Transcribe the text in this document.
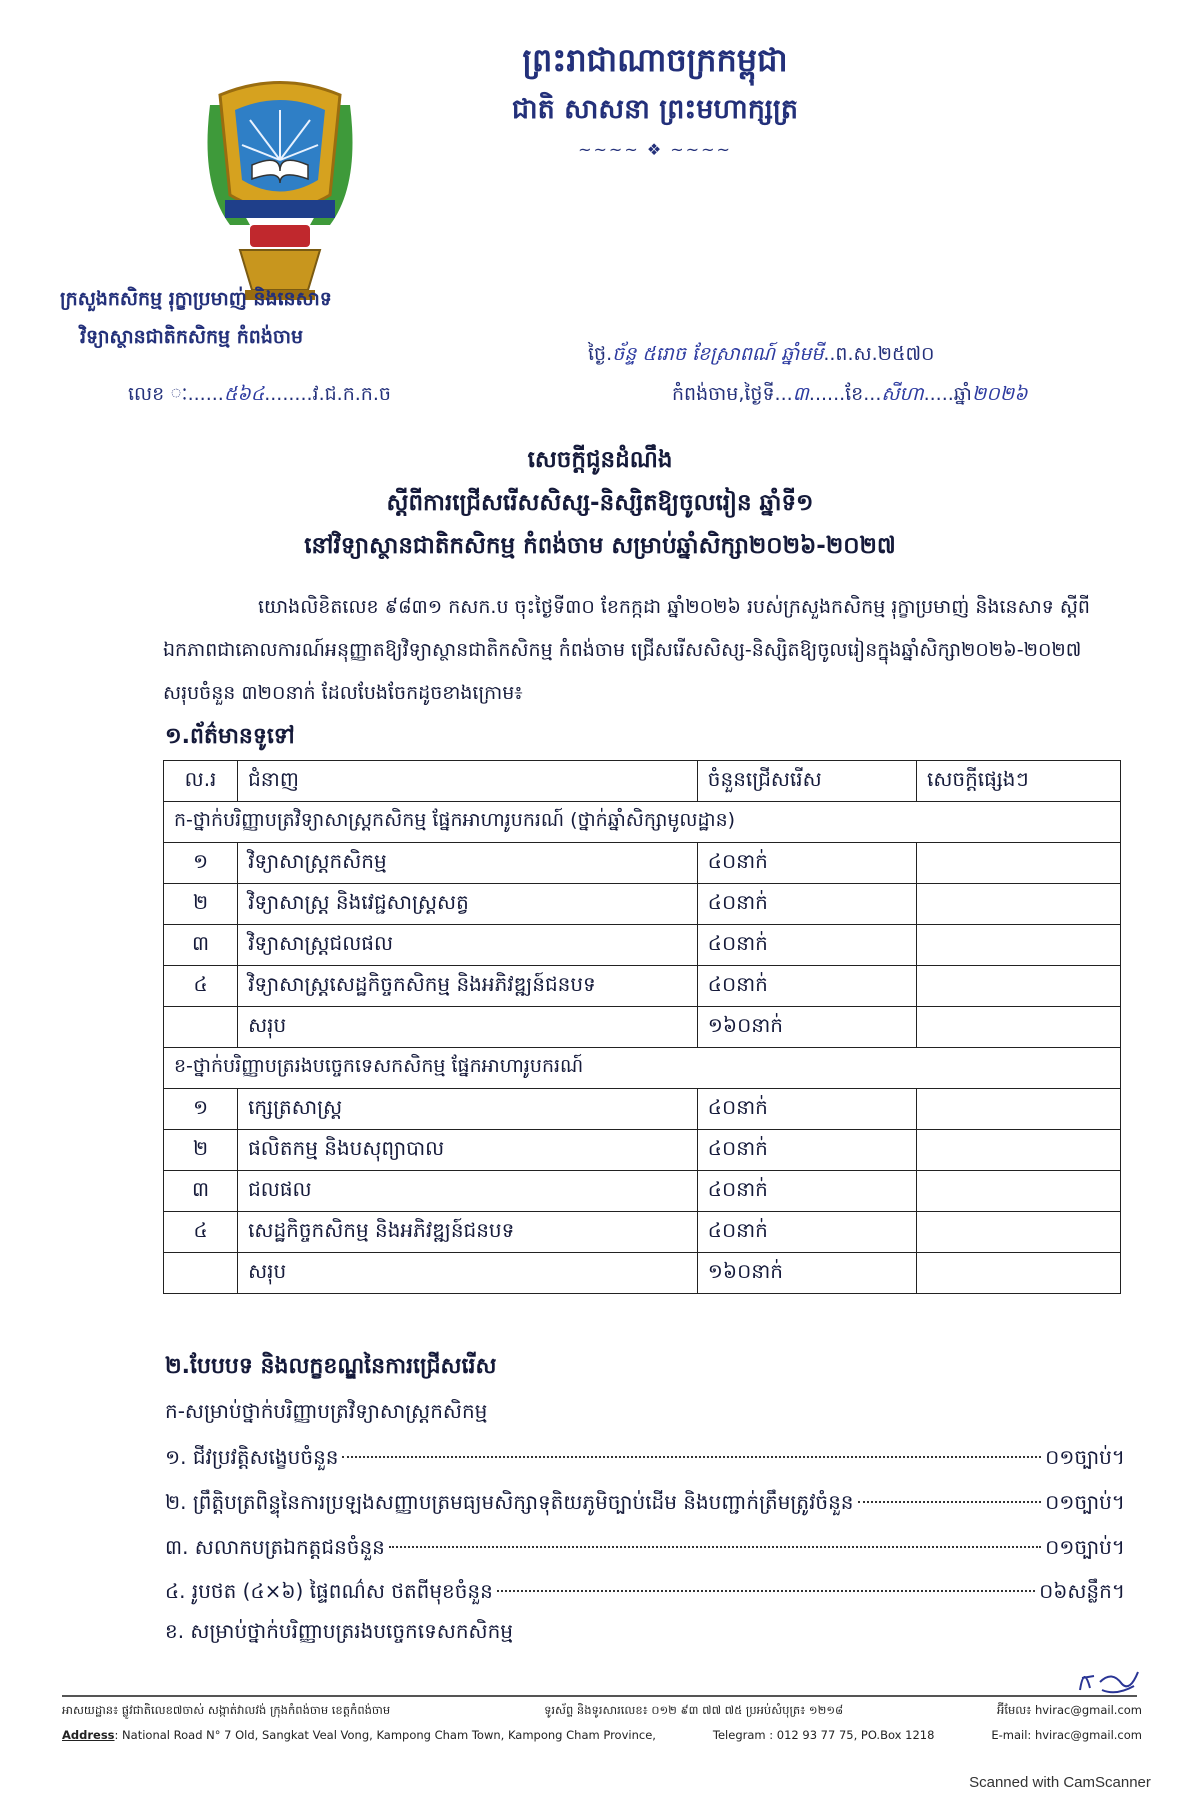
ព្រះរាជាណាចក្រកម្ពុជា
ជាតិ សាសនា ព្រះមហាក្សត្រ
~~~~ ❖ ~~~~
ក្រសួងកសិកម្ម រុក្ខាប្រមាញ់ និងនេសាទ
វិទ្យាស្ថានជាតិកសិកម្ម កំពង់ចាម
លេខ ៈ......៥៦៤........វ.ជ.ក.ក.ច
ថ្ងៃ.ច័ន្ទ ៥រោច ខែស្រាពណ៍ ឆ្នាំមមី..ព.ស.២៥៧០
កំពង់ចាម,ថ្ងៃទី...៣......ខែ...សីហា.....ឆ្នាំ២០២៦
សេចក្តីជូនដំណឹង
ស្តីពីការជ្រើសរើសសិស្ស-និស្សិតឱ្យចូលរៀន ឆ្នាំទី១
នៅវិទ្យាស្ថានជាតិកសិកម្ម កំពង់ចាម សម្រាប់ឆ្នាំសិក្សា២០២៦-២០២៧
យោងលិខិតលេខ ៩៨៣១ កសក.ប ចុះថ្ងៃទី៣០ ខែកក្កដា ឆ្នាំ២០២៦ របស់ក្រសួងកសិកម្ម រុក្ខាប្រមាញ់ និងនេសាទ ស្តីពីឯកភាពជាគោលការណ៍អនុញ្ញាតឱ្យវិទ្យាស្ថានជាតិកសិកម្ម កំពង់ចាម ជ្រើសរើសសិស្ស-និស្សិតឱ្យចូលរៀនក្នុងឆ្នាំសិក្សា២០២៦-២០២៧ សរុបចំនួន ៣២០នាក់ ដែលបែងចែកដូចខាងក្រោម៖
១.ព័ត៌មានទូទៅ
ល.រ	ជំនាញ	ចំនួនជ្រើសរើស	សេចក្តីផ្សេងៗ
ក-ថ្នាក់បរិញ្ញាបត្រវិទ្យាសាស្ត្រកសិកម្ម ផ្នែកអាហារូបករណ៍ (ថ្នាក់ឆ្នាំសិក្សាមូលដ្ឋាន)			
១	វិទ្យាសាស្ត្រកសិកម្ម	៤០នាក់	
២	វិទ្យាសាស្ត្រ និងវេជ្ជសាស្ត្រសត្វ	៤០នាក់	
៣	វិទ្យាសាស្ត្រជលផល	៤០នាក់	
៤	វិទ្យាសាស្ត្រសេដ្ឋកិច្ចកសិកម្ម និងអភិវឌ្ឍន៍ជនបទ	៤០នាក់	
	សរុប	១៦០នាក់	
ខ-ថ្នាក់បរិញ្ញាបត្ររងបច្ចេកទេសកសិកម្ម ផ្នែកអាហារូបករណ៍			
១	ក្សេត្រសាស្ត្រ	៤០នាក់	
២	ផលិតកម្ម និងបសុព្យាបាល	៤០នាក់	
៣	ជលផល	៤០នាក់	
៤	សេដ្ឋកិច្ចកសិកម្ម និងអភិវឌ្ឍន៍ជនបទ	៤០នាក់	
	សរុប	១៦០នាក់	
២.បែបបទ និងលក្ខខណ្ឌនៃការជ្រើសរើស
ក-សម្រាប់ថ្នាក់បរិញ្ញាបត្រវិទ្យាសាស្ត្រកសិកម្ម
១. ជីវប្រវត្តិសង្ខេបចំនួន	០១ច្បាប់។
២. ព្រឹត្តិបត្រពិន្ទុនៃការប្រឡងសញ្ញាបត្រមធ្យមសិក្សាទុតិយភូមិច្បាប់ដើម និងបញ្ជាក់ត្រឹមត្រូវចំនួន	០១ច្បាប់។
៣. សលាកបត្រឯកត្តជនចំនួន	០១ច្បាប់។
៤. រូបថត (៤×៦) ផ្ទៃពណ៌ស ថតពីមុខចំនួន	០៦សន្លឹក។
ខ. សម្រាប់ថ្នាក់បរិញ្ញាបត្ររងបច្ចេកទេសកសិកម្ម
អាសយដ្ឋាន៖ ផ្លូវជាតិលេខ៧ចាស់ សង្កាត់វាលវង់ ក្រុងកំពង់ចាម ខេត្តកំពង់ចាម	ទូរស័ព្ទ និងទូរសារលេខ៖ ០១២ ៩៣ ៧៧ ៧៥ ប្រអប់សំបុត្រ៖ ១២១៨	អ៊ីមែល៖ hvirac@gmail.com
Address: National Road N° 7 Old, Sangkat Veal Vong, Kampong Cham Town, Kampong Cham Province,	Telegram : 012 93 77 75, PO.Box 1218	E-mail: hvirac@gmail.com
Scanned with CamScanner
